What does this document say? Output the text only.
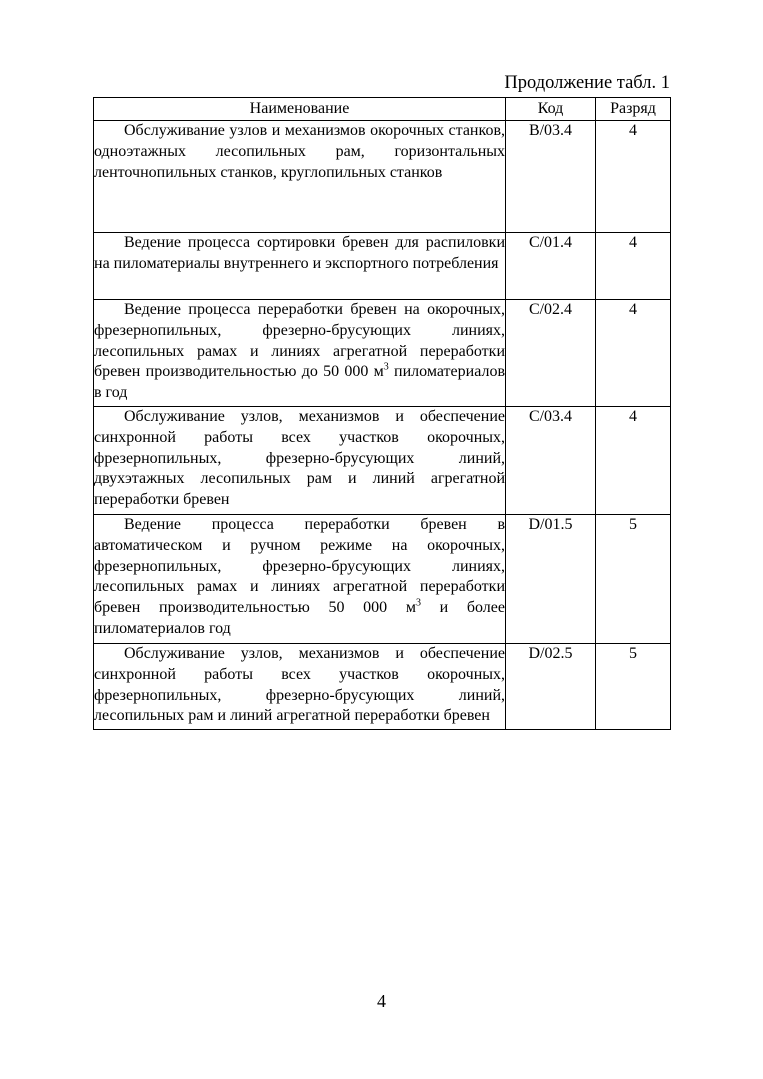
Продолжение табл. 1
Наименование	Код	Разряд

Обслуживание узлов и механизмов окорочных станков, одноэтажных лесопильных рам, горизонтальных ленточнопильных станков, круглопильных станков	B/03.4	4

Ведение процесса сортировки бревен для распиловки на пиломатериалы внутреннего и экспортного потребления	C/01.4	4

Ведение процесса переработки бревен на окорочных, фрезернопильных, фрезерно-брусующих линиях, лесопильных рамах и линиях агрегатной переработки бревен производительностью до 50 000 $м^3$ пиломатериалов в год	C/02.4	4

Обслуживание узлов, механизмов и обеспечение синхронной работы всех участков окорочных, фрезернопильных, фрезерно-брусующих линий, двухэтажных лесопильных рам и линий агрегатной переработки бревен	C/03.4	4

Ведение процесса переработки бревен в автоматическом и ручном режиме на окорочных, фрезернопильных, фрезерно-брусующих линиях, лесопильных рамах и линиях агрегатной переработки бревен производительностью 50 000 $м^3$ и более пиломатериалов год	D/01.5	5

Обслуживание узлов, механизмов и обеспечение синхронной работы всех участков окорочных, фрезернопильных, фрезерно-брусующих линий, лесопильных рам и линий агрегатной переработки бревен	D/02.5	5
4
